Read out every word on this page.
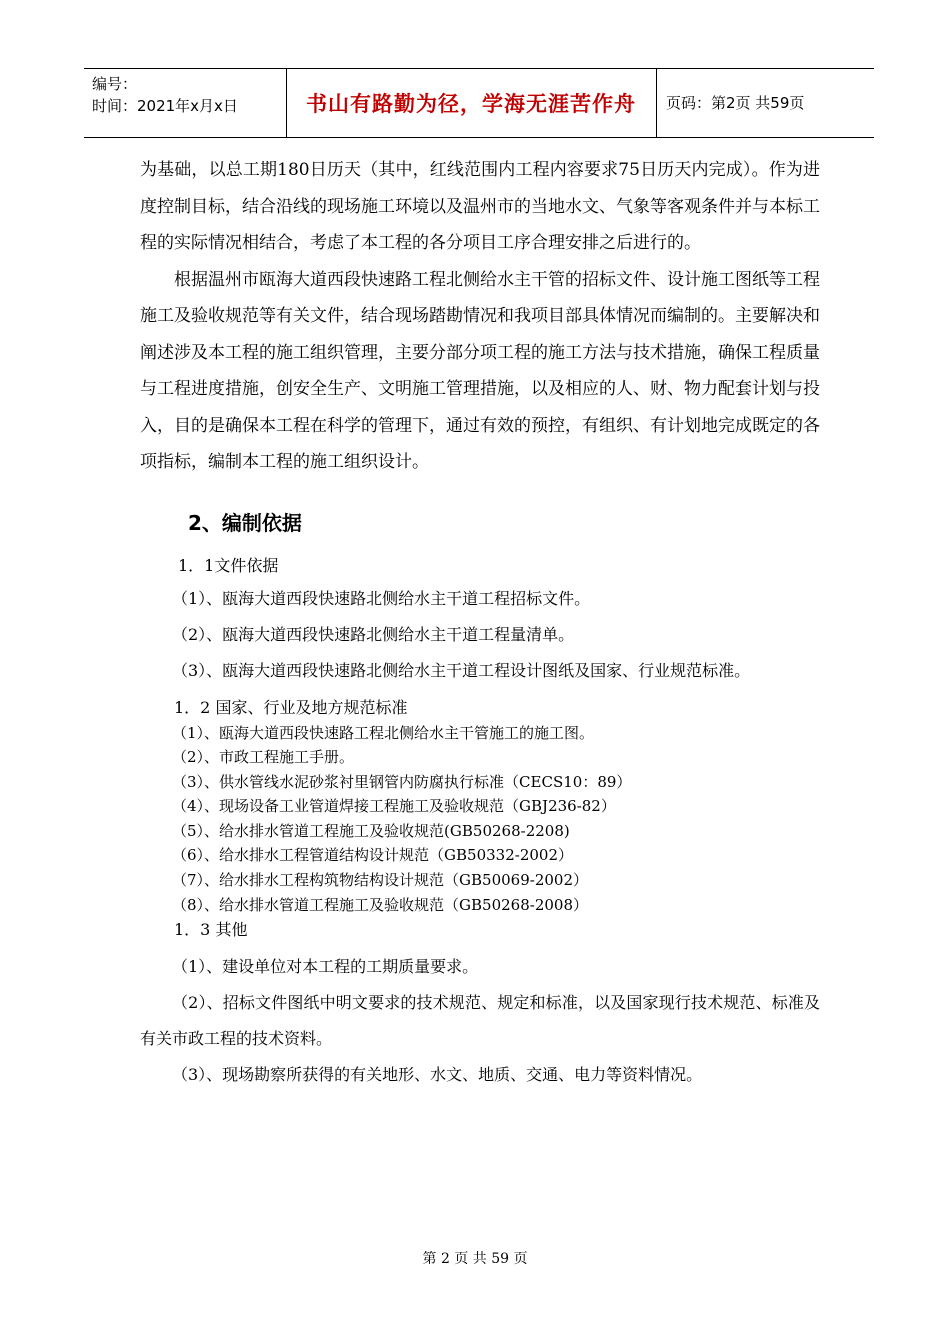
编号：
时间：2021年x月x日	书山有路勤为径，学海无涯苦作舟	页码：第2页 共59页

为基础，以总工期180日历天（其中，红线范围内工程内容要求75日历天内完成）。作为进度控制目标，结合沿线的现场施工环境以及温州市的当地水文、气象等客观条件并与本标工程的实际情况相结合，考虑了本工程的各分项目工序合理安排之后进行的。

根据温州市瓯海大道西段快速路工程北侧给水主干管的招标文件、设计施工图纸等工程施工及验收规范等有关文件，结合现场踏勘情况和我项目部具体情况而编制的。主要解决和阐述涉及本工程的施工组织管理，主要分部分项工程的施工方法与技术措施，确保工程质量与工程进度措施，创安全生产、文明施工管理措施，以及相应的人、财、物力配套计划与投入，目的是确保本工程在科学的管理下，通过有效的预控，有组织、有计划地完成既定的各项指标，编制本工程的施工组织设计。

2、编制依据
1．1文件依据
（1）、瓯海大道西段快速路北侧给水主干道工程招标文件。
（2）、瓯海大道西段快速路北侧给水主干道工程量清单。
（3）、瓯海大道西段快速路北侧给水主干道工程设计图纸及国家、行业规范标准。
1．2 国家、行业及地方规范标准
（1）、瓯海大道西段快速路工程北侧给水主干管施工的施工图。
（2）、市政工程施工手册。
（3）、供水管线水泥砂浆衬里钢管内防腐执行标准（CECS10：89）
（4）、现场设备工业管道焊接工程施工及验收规范（GBJ236-82）
（5）、给水排水管道工程施工及验收规范(GB50268-2208)
（6）、给水排水工程管道结构设计规范（GB50332-2002）
（7）、给水排水工程构筑物结构设计规范（GB50069-2002）
（8）、给水排水管道工程施工及验收规范（GB50268-2008）
1．3 其他
（1）、建设单位对本工程的工期质量要求。
（2）、招标文件图纸中明文要求的技术规范、规定和标准，以及国家现行技术规范、标准及有关市政工程的技术资料。
（3）、现场勘察所获得的有关地形、水文、地质、交通、电力等资料情况。
第 2 页 共 59 页
